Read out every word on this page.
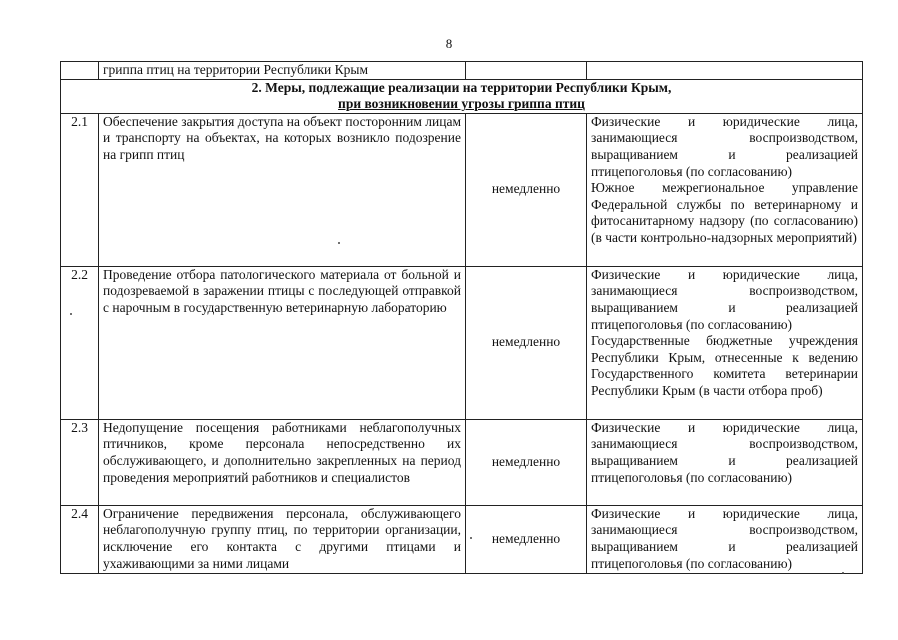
8
	гриппа птиц на территории Республики Крым		

2. Меры, подлежащие реализации на территории Республики Крым,
при возникновении угрозы гриппа птиц			

2.1	Обеспечение закрытия доступа на объект посторонним лицам и транспорту на объектах, на которых возникло подозрение на грипп птиц	немедленно	Физические и юридические лица, занимающиеся воспроизводством, выращиванием и реализацией птицепоголовья (по согласованию)
Южное межрегиональное управление Федеральной службы по ветеринарному и фитосанитарному надзору (по согласованию) (в части контрольно-надзорных мероприятий)

2.2	Проведение отбора патологического материала от больной и подозреваемой в заражении птицы с последующей отправкой с нарочным в государственную ветеринарную лабораторию	немедленно	Физические и юридические лица, занимающиеся воспроизводством, выращиванием и реализацией птицепоголовья (по согласованию)
Государственные бюджетные учреждения Республики Крым, отнесенные к ведению Государственного комитета ветеринарии Республики Крым (в части отбора проб)

2.3	Недопущение посещения работниками неблагополучных птичников, кроме персонала непосредственно их обслуживающего, и дополнительно закрепленных на период проведения мероприятий работников и специалистов	немедленно	Физические и юридические лица, занимающиеся воспроизводством, выращиванием и реализацией птицепоголовья (по согласованию)

2.4	Ограничение передвижения персонала, обслуживающего неблагополучную группу птиц, по территории организации, исключение его контакта с другими птицами и ухаживающими за ними лицами	немедленно	Физические и юридические лица, занимающиеся воспроизводством, выращиванием и реализацией птицепоголовья (по согласованию)
